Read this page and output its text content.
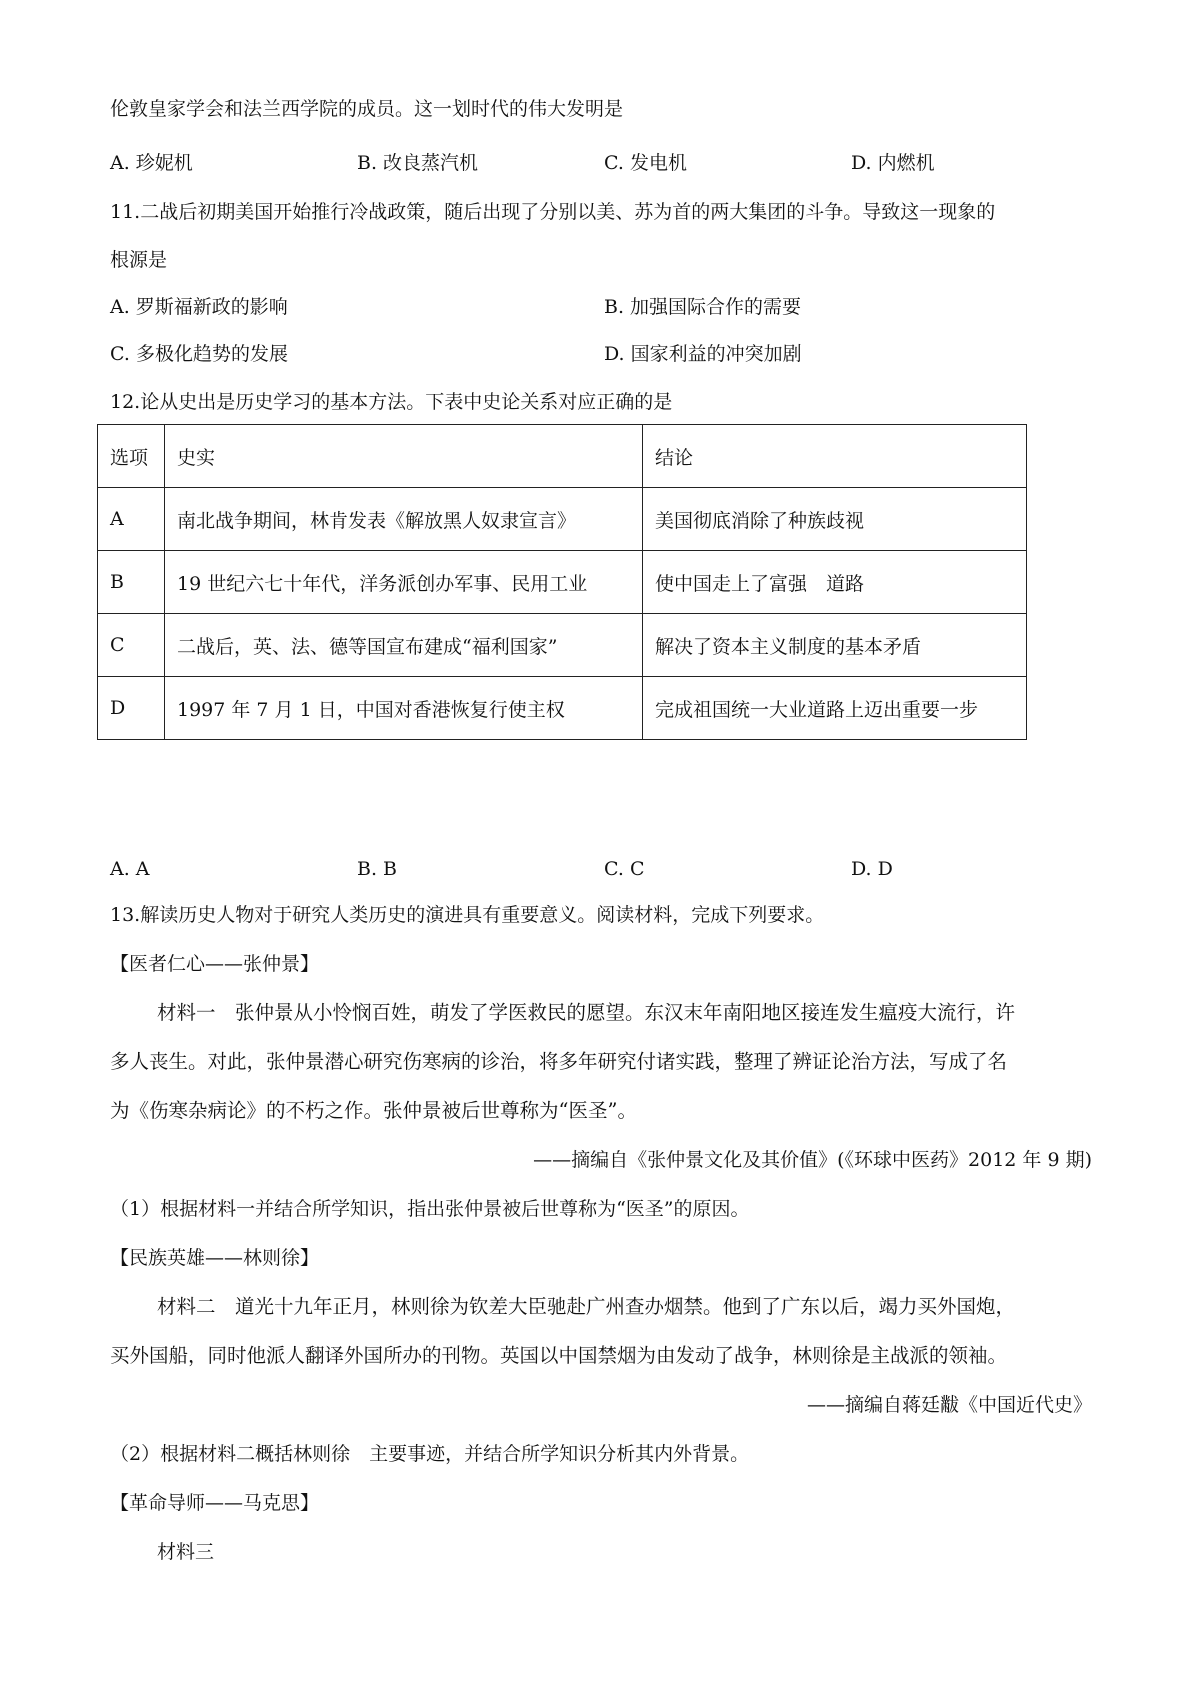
伦敦皇家学会和法兰西学院的成员。这一划时代的伟大发明是
A. 珍妮机	B. 改良蒸汽机	C. 发电机	D. 内燃机
11.二战后初期美国开始推行冷战政策，随后出现了分别以美、苏为首的两大集团的斗争。导致这一现象的
根源是
A. 罗斯福新政的影响	B. 加强国际合作的需要
C. 多极化趋势的发展	D. 国家利益的冲突加剧
12.论从史出是历史学习的基本方法。下表中史论关系对应正确的是
选项	史实	结论
A	南北战争期间，林肯发表《解放黑人奴隶宣言》	美国彻底消除了种族歧视
B	19 世纪六七十年代，洋务派创办军事、民用工业	使中国走上了富强　道路
C	二战后，英、法、德等国宣布建成“福利国家”	解决了资本主义制度的基本矛盾
D	1997 年 7 月 1 日，中国对香港恢复行使主权	完成祖国统一大业道路上迈出重要一步
A. A	B. B	C. C	D. D
13.解读历史人物对于研究人类历史的演进具有重要意义。阅读材料，完成下列要求。
【医者仁心——张仲景】
材料一　张仲景从小怜悯百姓，萌发了学医救民的愿望。东汉末年南阳地区接连发生瘟疫大流行，许
多人丧生。对此，张仲景潜心研究伤寒病的诊治，将多年研究付诸实践，整理了辨证论治方法，写成了名
为《伤寒杂病论》的不朽之作。张仲景被后世尊称为“医圣”。
——摘编自《张仲景文化及其价值》(《环球中医药》2012 年 9 期)
（1）根据材料一并结合所学知识，指出张仲景被后世尊称为“医圣”的原因。
【民族英雄——林则徐】
材料二　道光十九年正月，林则徐为钦差大臣驰赴广州查办烟禁。他到了广东以后，竭力买外国炮，
买外国船，同时他派人翻译外国所办的刊物。英国以中国禁烟为由发动了战争，林则徐是主战派的领袖。
——摘编自蒋廷黻《中国近代史》
（2）根据材料二概括林则徐　主要事迹，并结合所学知识分析其内外背景。
【革命导师——马克思】
材料三
